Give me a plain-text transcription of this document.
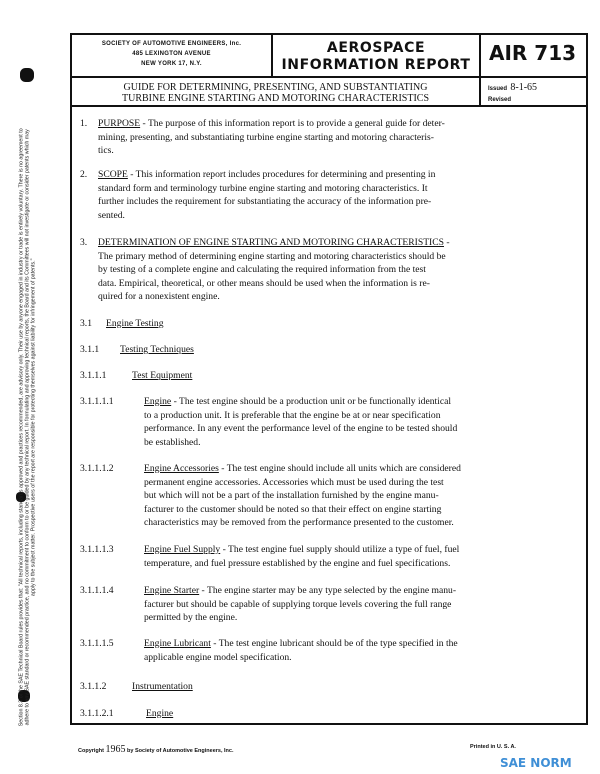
Section 8.3 of the SAE Technical Board rules provides that: "All technical reports, including standards approved and practices recommended, are advisory only. Their use by anyone engaged in industry or trade is entirely voluntary. There is no agreement to adhere to any SAE standard or recommended practice, and no commitment to conform to or be guided by any technical report. In formulating and approving technical reports, the Board and its Committees will not investigate or consider patents which may apply to the subject matter. Prospective users of the report are responsible for protecting themselves against liability for infringement of patents."
SOCIETY OF AUTOMOTIVE ENGINEERS, Inc.
485 LEXINGTON AVENUE
NEW YORK 17, N.Y.
AEROSPACE
INFORMATION REPORT AIR 713
GUIDE FOR DETERMINING, PRESENTING, AND SUBSTANTIATING
TURBINE ENGINE STARTING AND MOTORING CHARACTERISTICS
Issued 8-1-65
Revised
1. PURPOSE - The purpose of this information report is to provide a general guide for deter-
mining, presenting, and substantiating turbine engine starting and motoring characteris-
tics.
2. SCOPE - This information report includes procedures for determining and presenting in
standard form and terminology turbine engine starting and motoring characteristics. It
further includes the requirement for substantiating the accuracy of the information pre-
sented.
3. DETERMINATION OF ENGINE STARTING AND MOTORING CHARACTERISTICS -
The primary method of determining engine starting and motoring characteristics should be
by testing of a complete engine and calculating the required information from the test
data. Empirical, theoretical, or other means should be used when the information is re-
quired for a nonexistent engine.
3.1 Engine Testing
3.1.1 Testing Techniques
3.1.1.1	Test Equipment
3.1.1.1.1	Engine - The test engine should be a production unit or be functionally identical
to a production unit. It is preferable that the engine be at or near specification
performance. In any event the performance level of the engine to be tested should
be established.
3.1.1.1.2	Engine Accessories - The test engine should include all units which are considered
permanent engine accessories. Accessories which must be used during the test
but which will not be a part of the installation furnished by the engine manu-
facturer to the customer should be noted so that their effect on engine starting
characteristics may be removed from the performance presented to the customer.
3.1.1.1.3	Engine Fuel Supply - The test engine fuel supply should utilize a type of fuel, fuel
temperature, and fuel pressure established by the engine and fuel specifications.
3.1.1.1.4	Engine Starter - The engine starter may be any type selected by the engine manu-
facturer but should be capable of supplying torque levels covering the full range
permitted by the engine.
3.1.1.1.5	Engine Lubricant - The test engine lubricant should be of the type specified in the
applicable engine model specification.
3.1.1.2	Instrumentation
3.1.1.2.1	Engine
Copyright 1965 by Society of Automotive Engineers, Inc.
Printed in U. S. A.
SAE NORM
